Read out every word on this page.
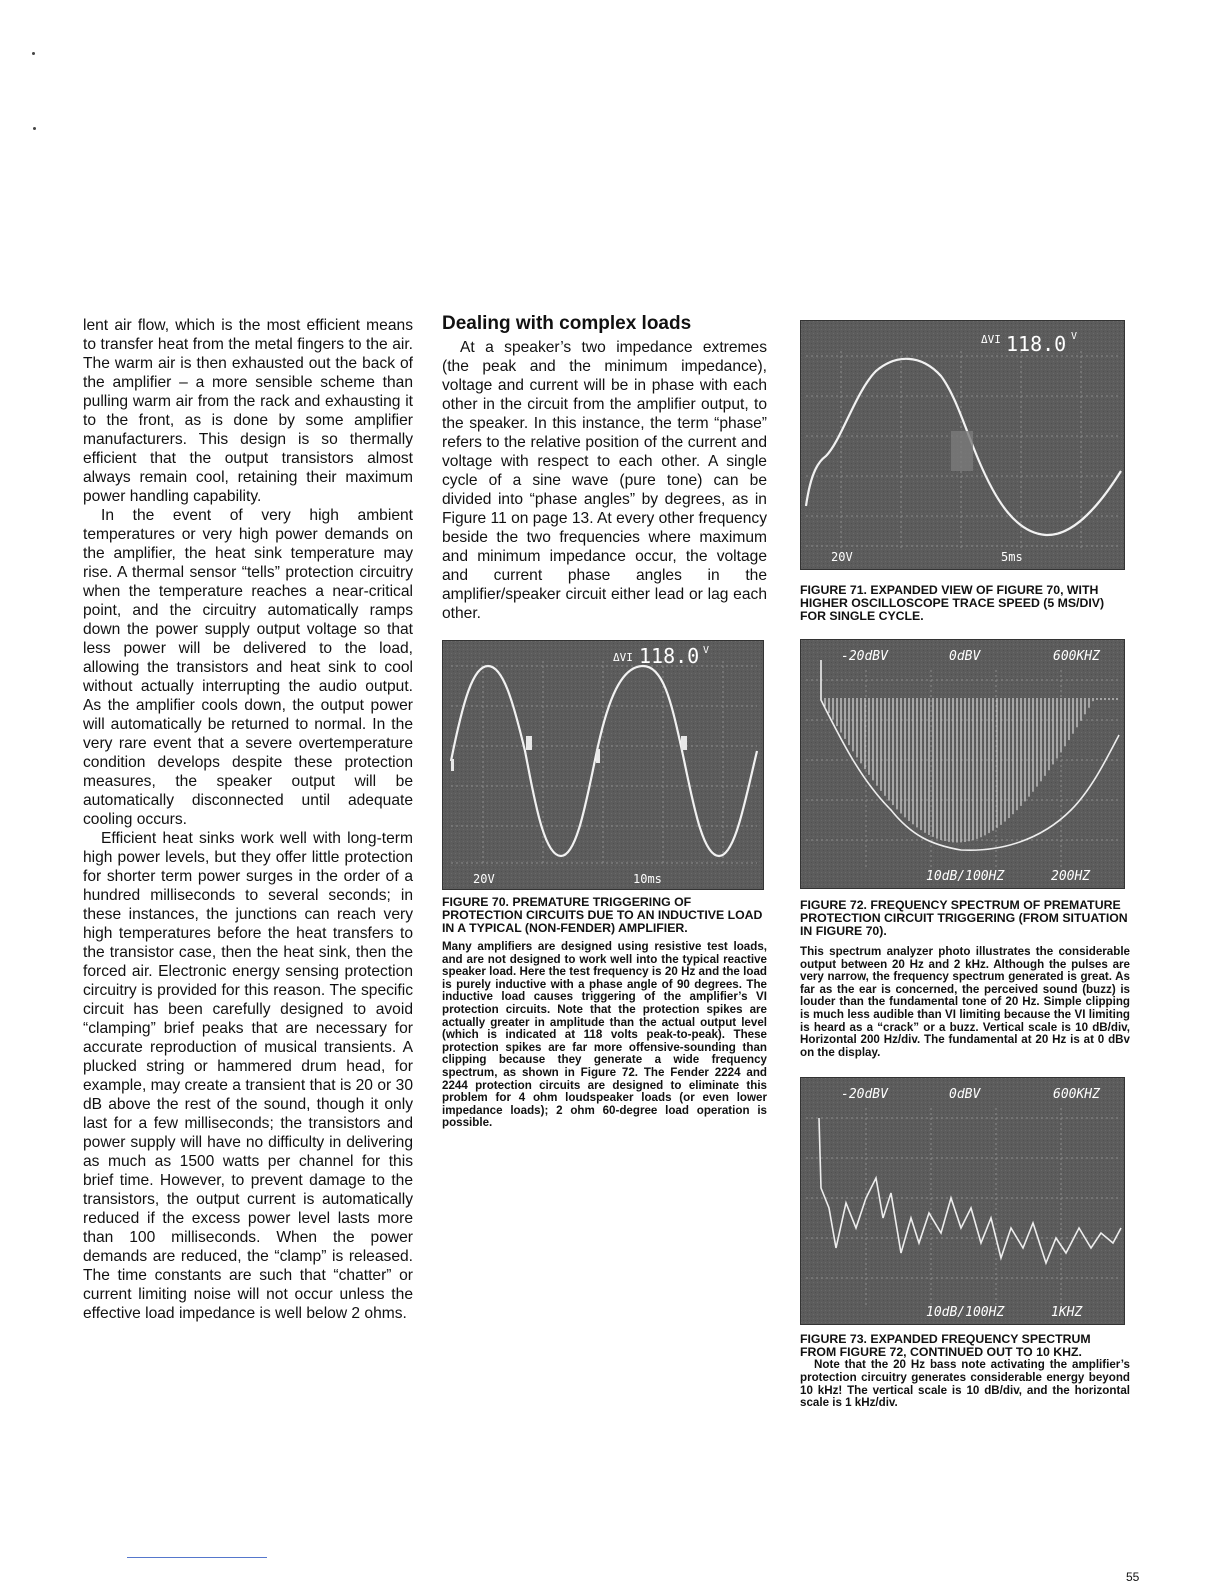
lent air flow, which is the most efficient means to transfer heat from the metal fingers to the air. The warm air is then exhausted out the back of the amplifier – a more sensible scheme than pulling warm air from the rack and exhausting it to the front, as is done by some amplifier manufacturers. This design is so thermally efficient that the output transistors almost always remain cool, retaining their maximum power handling capability.

In the event of very high ambient temperatures or very high power demands on the amplifier, the heat sink temperature may rise. A thermal sensor “tells” protection circuitry when the temperature reaches a near-critical point, and the circuitry automatically ramps down the power supply output voltage so that less power will be delivered to the load, allowing the transistors and heat sink to cool without actually interrupting the audio output. As the amplifier cools down, the output power will automatically be returned to normal. In the very rare event that a severe overtemperature condition develops despite these protection measures, the speaker output will be automatically disconnected until adequate cooling occurs.

Efficient heat sinks work well with long-term high power levels, but they offer little protection for shorter term power surges in the order of a hundred milliseconds to several seconds; in these instances, the junctions can reach very high temperatures before the heat transfers to the transistor case, then the heat sink, then the forced air. Electronic energy sensing protection circuitry is provided for this reason. The specific circuit has been carefully designed to avoid “clamping” brief peaks that are necessary for accurate reproduction of musical transients. A plucked string or hammered drum head, for example, may create a transient that is 20 or 30 dB above the rest of the sound, though it only last for a few milliseconds; the transistors and power supply will have no difficulty in delivering as much as 1500 watts per channel for this brief time. However, to prevent damage to the transistors, the output current is automatically reduced if the excess power level lasts more than 100 milliseconds. When the power demands are reduced, the “clamp” is released. The time constants are such that “chatter” or current limiting noise will not occur unless the effective load impedance is well below 2 ohms.

Dealing with complex loads

At a speaker’s two impedance extremes (the peak and the minimum impedance), voltage and current will be in phase with each other in the circuit from the amplifier output, to the speaker. In this instance, the term “phase” refers to the relative position of the current and voltage with respect to each other. A single cycle of a sine wave (pure tone) can be divided into “phase angles” by degrees, as in Figure 11 on page 13. At every other frequency beside the two frequencies where maximum and minimum impedance occur, the voltage and current phase angles in the amplifier/speaker circuit either lead or lag each other.

ΔVI 118.0 V
20V	10ms
FIGURE 70. PREMATURE TRIGGERING OF PROTECTION CIRCUITS DUE TO AN INDUCTIVE LOAD IN A TYPICAL (NON-FENDER) AMPLIFIER.

Many amplifiers are designed using resistive test loads, and are not designed to work well into the typical reactive speaker load. Here the test frequency is 20 Hz and the load is purely inductive with a phase angle of 90 degrees. The inductive load causes triggering of the amplifier’s VI protection circuits. Note that the protection spikes are actually greater in amplitude than the actual output level (which is indicated at 118 volts peak-to-peak). These protection spikes are far more offensive-sounding than clipping because they generate a wide frequency spectrum, as shown in Figure 72. The Fender 2224 and 2244 protection circuits are designed to eliminate this problem for 4 ohm loudspeaker loads (or even lower impedance loads); 2 ohm 60-degree load operation is possible.

ΔVI 118.0 V
20V	5ms
FIGURE 71. EXPANDED VIEW OF FIGURE 70, WITH HIGHER OSCILLOSCOPE TRACE SPEED (5 MS/DIV) FOR SINGLE CYCLE.
-20dBV	0dBV	600KHZ
10dB/100HZ	200HZ
FIGURE 72. FREQUENCY SPECTRUM OF PREMATURE PROTECTION CIRCUIT TRIGGERING (FROM SITUATION IN FIGURE 70).

This spectrum analyzer photo illustrates the considerable output between 20 Hz and 2 kHz. Although the pulses are very narrow, the frequency spectrum generated is great. As far as the ear is concerned, the perceived sound (buzz) is louder than the fundamental tone of 20 Hz. Simple clipping is much less audible than VI limiting because the VI limiting is heard as a “crack” or a buzz. Vertical scale is 10 dB/div, Horizontal 200 Hz/div. The fundamental at 20 Hz is at 0 dBv on the display.

-20dBV	0dBV	600KHZ
10dB/100HZ	1KHZ
FIGURE 73. EXPANDED FREQUENCY SPECTRUM FROM FIGURE 72, CONTINUED OUT TO 10 KHZ.

Note that the 20 Hz bass note activating the amplifier’s protection circuitry generates considerable energy beyond 10 kHz! The vertical scale is 10 dB/div, and the horizontal scale is 1 kHz/div.

55
